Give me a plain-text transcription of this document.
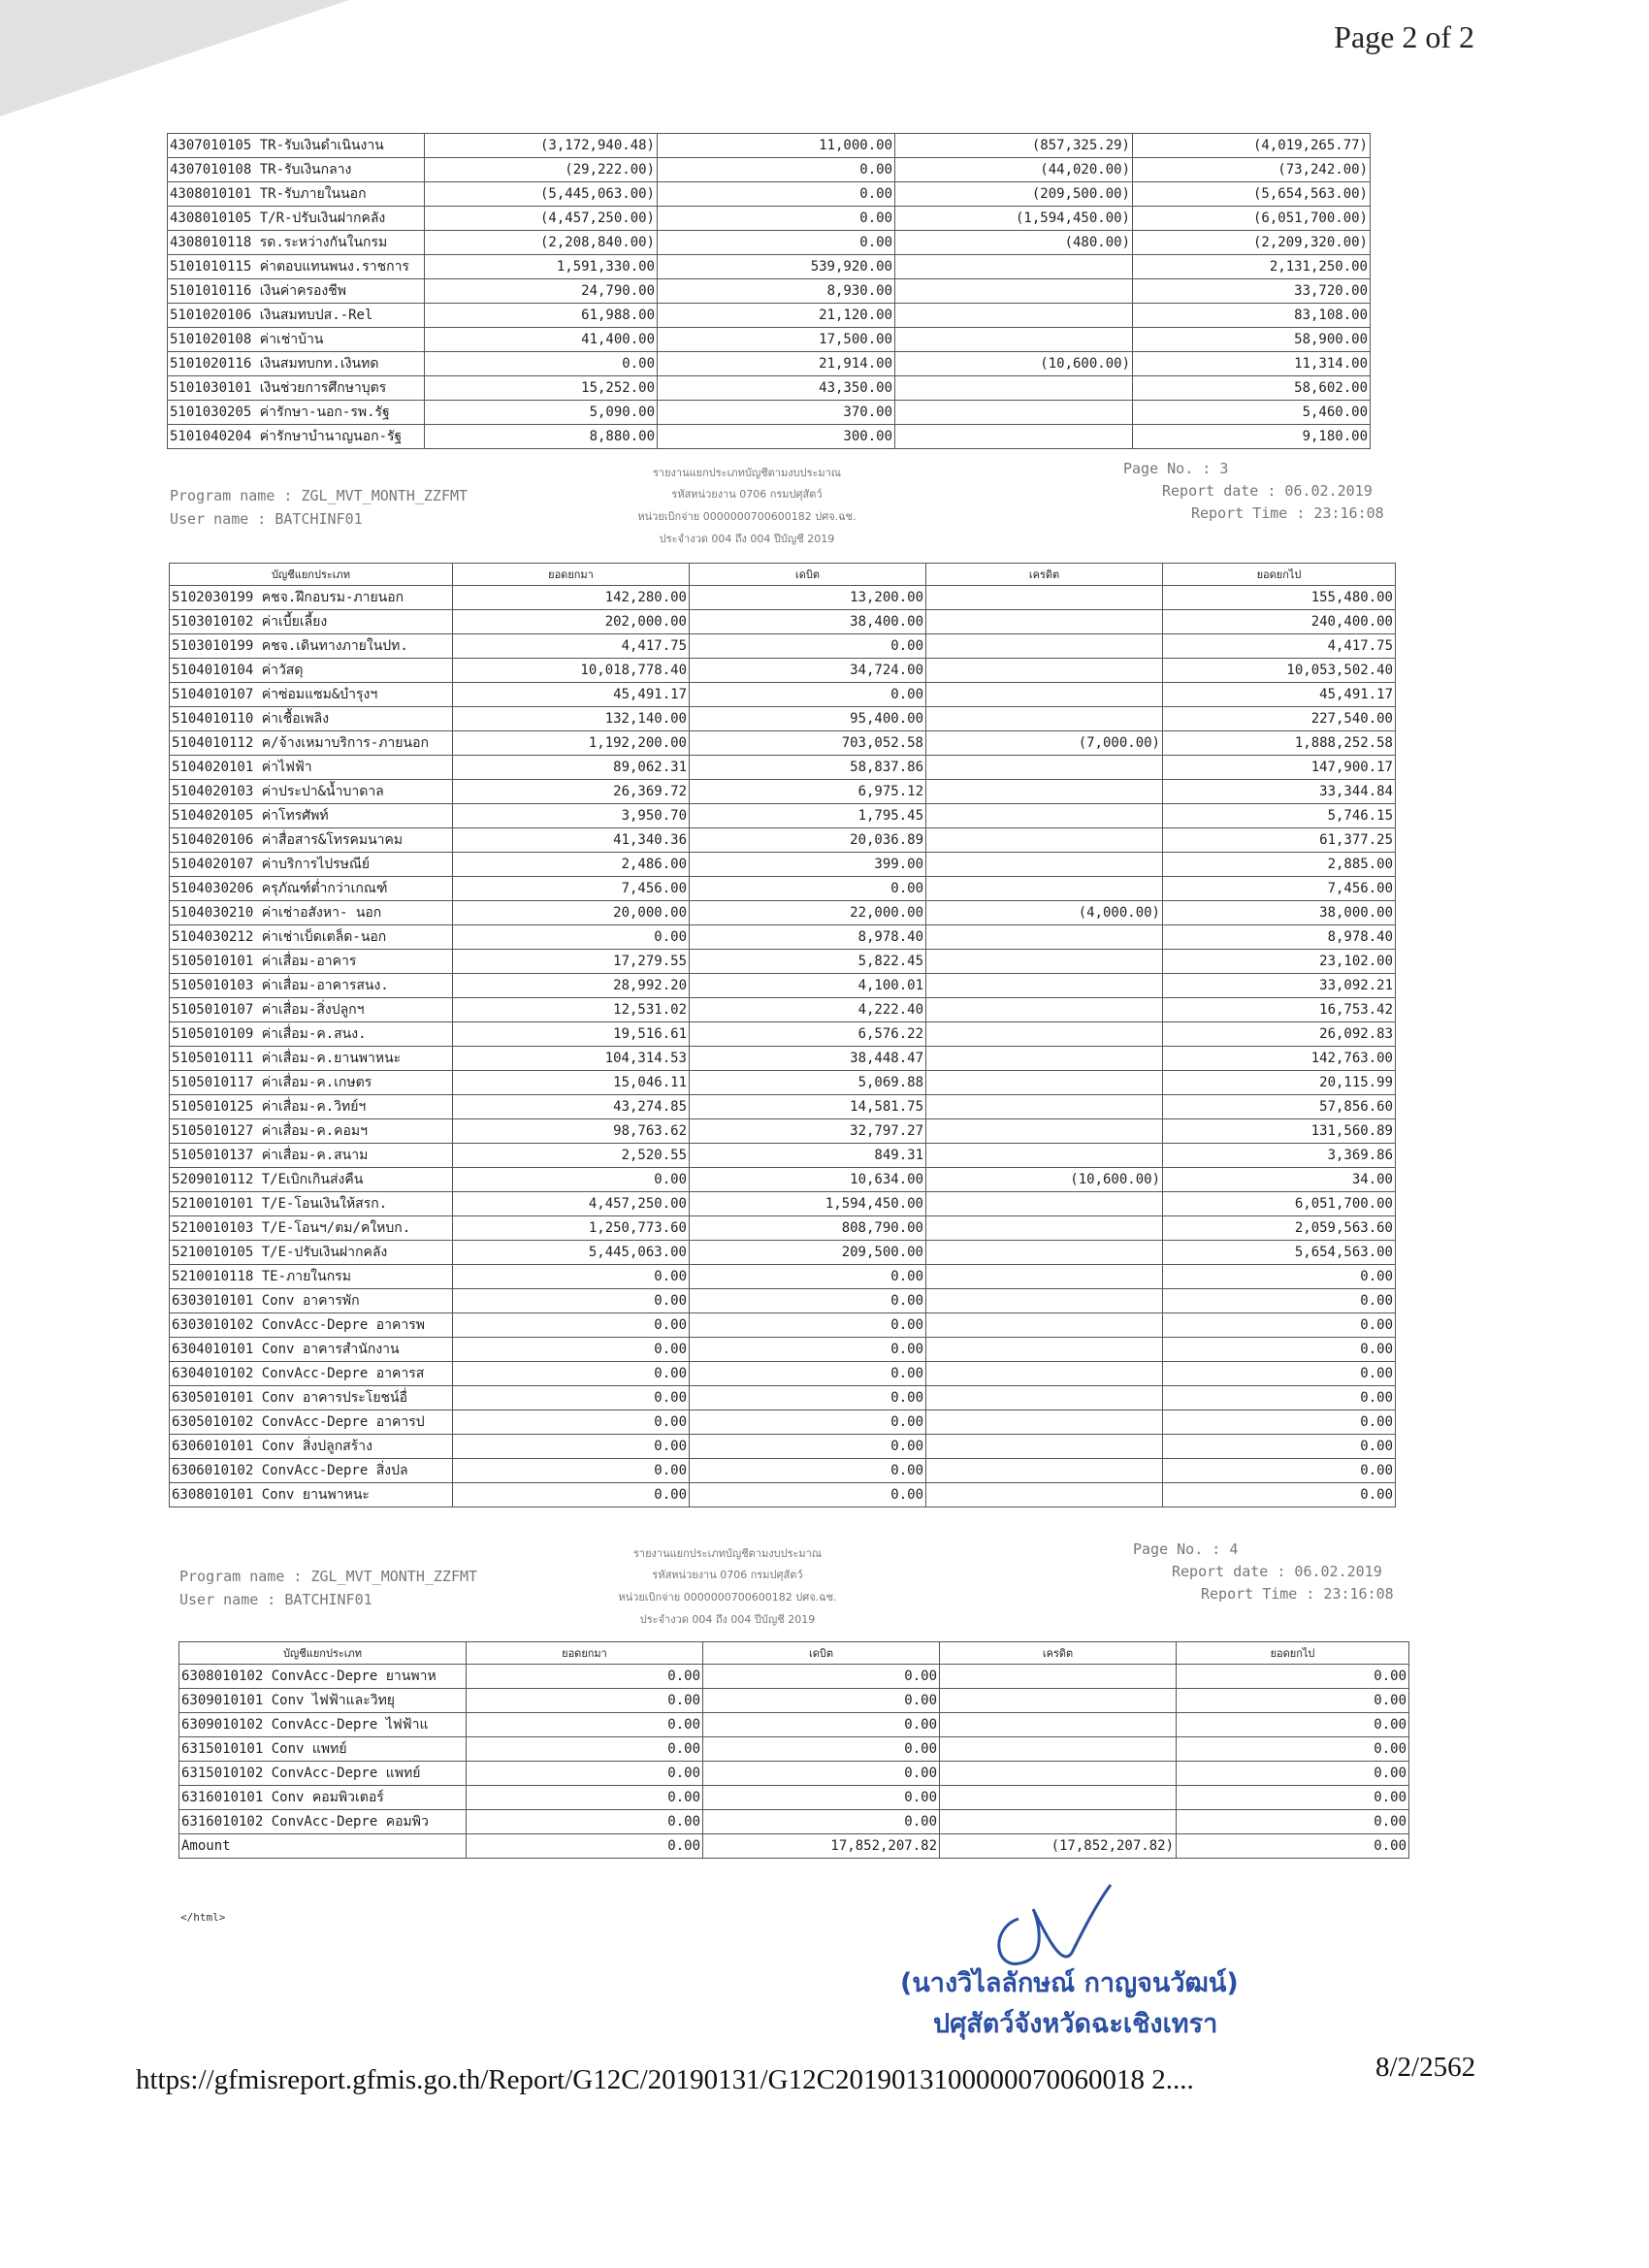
Page 2 of 2
4307010105 TR-รับเงินดำเนินงาน	(3,172,940.48)	11,000.00	(857,325.29)		(4,019,265.77)
4307010108 TR-รับเงินกลาง	(29,222.00)	0.00	(44,020.00)		(73,242.00)
4308010101 TR-รับภายในนอก	(5,445,063.00)	0.00	(209,500.00)		(5,654,563.00)
4308010105 T/R-ปรับเงินฝากคลัง	(4,457,250.00)	0.00	(1,594,450.00)		(6,051,700.00)
4308010118 รด.ระหว่างกันในกรม	(2,208,840.00)	0.00	(480.00)		(2,209,320.00)
5101010115 ค่าตอบแทนพนง.ราชการ	1,591,330.00	539,920.00			2,131,250.00
5101010116 เงินค่าครองชีพ	24,790.00	8,930.00			33,720.00
5101020106 เงินสมทบปส.-Rel	61,988.00	21,120.00			83,108.00
5101020108 ค่าเช่าบ้าน	41,400.00	17,500.00			58,900.00
5101020116 เงินสมทบกท.เงินทด	0.00	21,914.00	(10,600.00)		11,314.00
5101030101 เงินช่วยการศึกษาบุตร	15,252.00	43,350.00			58,602.00
5101030205 ค่ารักษา-นอก-รพ.รัฐ	5,090.00	370.00			5,460.00
5101040204 ค่ารักษาบำนาญนอก-รัฐ	8,880.00	300.00			9,180.00
Program name : ZGL_MVT_MONTH_ZZFMT
User name : BATCHINF01
รายงานแยกประเภทบัญชีตามงบประมาณ
รหัสหน่วยงาน 0706 กรมปศุสัตว์
หน่วยเบิกจ่าย 0000000700600182 ปศจ.ฉช.
ประจำงวด 004 ถึง 004 ปีบัญชี 2019
Page No. : 3
Report date : 06.02.2019
Report Time : 23:16:08
บัญชีแยกประเภท	ยอดยกมา	เดบิต	เครดิต		ยอดยกไป
5102030199 คชจ.ฝึกอบรม-ภายนอก	142,280.00	13,200.00			155,480.00
5103010102 ค่าเบี้ยเลี้ยง	202,000.00	38,400.00			240,400.00
5103010199 คชจ.เดินทางภายในปท.	4,417.75	0.00			4,417.75
5104010104 ค่าวัสดุ	10,018,778.40	34,724.00			10,053,502.40
5104010107 ค่าซ่อมแซม&บำรุงฯ	45,491.17	0.00			45,491.17
5104010110 ค่าเชื้อเพลิง	132,140.00	95,400.00			227,540.00
5104010112 ค/จ้างเหมาบริการ-ภายนอก	1,192,200.00	703,052.58	(7,000.00)		1,888,252.58
5104020101 ค่าไฟฟ้า	89,062.31	58,837.86			147,900.17
5104020103 ค่าประปา&น้ำบาดาล	26,369.72	6,975.12			33,344.84
5104020105 ค่าโทรศัพท์	3,950.70	1,795.45			5,746.15
5104020106 ค่าสื่อสาร&โทรคมนาคม	41,340.36	20,036.89			61,377.25
5104020107 ค่าบริการไปรษณีย์	2,486.00	399.00			2,885.00
5104030206 ครุภัณฑ์ต่ำกว่าเกณฑ์	7,456.00	0.00			7,456.00
5104030210 ค่าเช่าอสังหา- นอก	20,000.00	22,000.00	(4,000.00)		38,000.00
5104030212 ค่าเช่าเบ็ดเตล็ด-นอก	0.00	8,978.40			8,978.40
5105010101 ค่าเสื่อม-อาคาร	17,279.55	5,822.45			23,102.00
5105010103 ค่าเสื่อม-อาคารสนง.	28,992.20	4,100.01			33,092.21
5105010107 ค่าเสื่อม-สิ่งปลูกฯ	12,531.02	4,222.40			16,753.42
5105010109 ค่าเสื่อม-ค.สนง.	19,516.61	6,576.22			26,092.83
5105010111 ค่าเสื่อม-ค.ยานพาหนะ	104,314.53	38,448.47			142,763.00
5105010117 ค่าเสื่อม-ค.เกษตร	15,046.11	5,069.88			20,115.99
5105010125 ค่าเสื่อม-ค.วิทย์ฯ	43,274.85	14,581.75			57,856.60
5105010127 ค่าเสื่อม-ค.คอมฯ	98,763.62	32,797.27			131,560.89
5105010137 ค่าเสื่อม-ค.สนาม	2,520.55	849.31			3,369.86
5209010112 T/Eเบิกเกินส่งคืน	0.00	10,634.00	(10,600.00)		34.00
5210010101 T/E-โอนเงินให้สรก.	4,457,250.00	1,594,450.00			6,051,700.00
5210010103 T/E-โอนฯ/ตม/คใหบก.	1,250,773.60	808,790.00			2,059,563.60
5210010105 T/E-ปรับเงินฝากคลัง	5,445,063.00	209,500.00			5,654,563.00
5210010118 TE-ภายในกรม	0.00	0.00			0.00
6303010101 Conv อาคารพัก	0.00	0.00			0.00
6303010102 ConvAcc-Depre อาคารพ	0.00	0.00			0.00
6304010101 Conv อาคารสำนักงาน	0.00	0.00			0.00
6304010102 ConvAcc-Depre อาคารส	0.00	0.00			0.00
6305010101 Conv อาคารประโยชน์อื่	0.00	0.00			0.00
6305010102 ConvAcc-Depre อาคารป	0.00	0.00			0.00
6306010101 Conv สิ่งปลูกสร้าง	0.00	0.00			0.00
6306010102 ConvAcc-Depre สิ่งปล	0.00	0.00			0.00
6308010101 Conv ยานพาหนะ	0.00	0.00			0.00
Program name : ZGL_MVT_MONTH_ZZFMT
User name : BATCHINF01
รายงานแยกประเภทบัญชีตามงบประมาณ
รหัสหน่วยงาน 0706 กรมปศุสัตว์
หน่วยเบิกจ่าย 0000000700600182 ปศจ.ฉช.
ประจำงวด 004 ถึง 004 ปีบัญชี 2019
Page No. : 4
Report date : 06.02.2019
Report Time : 23:16:08
บัญชีแยกประเภท	ยอดยกมา	เดบิต	เครดิต		ยอดยกไป
6308010102 ConvAcc-Depre ยานพาห	0.00	0.00			0.00
6309010101 Conv ไฟฟ้าและวิทยุ	0.00	0.00			0.00
6309010102 ConvAcc-Depre ไฟฟ้าแ	0.00	0.00			0.00
6315010101 Conv แพทย์	0.00	0.00			0.00
6315010102 ConvAcc-Depre แพทย์	0.00	0.00			0.00
6316010101 Conv คอมพิวเตอร์	0.00	0.00			0.00
6316010102 ConvAcc-Depre คอมพิว	0.00	0.00			0.00
Amount	0.00	17,852,207.82	(17,852,207.82)		0.00
</html>
(นางวิไลลักษณ์ กาญจนวัฒน์)
ปศุสัตว์จังหวัดฉะเชิงเทรา
https://gfmisreport.gfmis.go.th/Report/G12C/20190131/G12C2019013100000070060018 2....	8/2/2562
